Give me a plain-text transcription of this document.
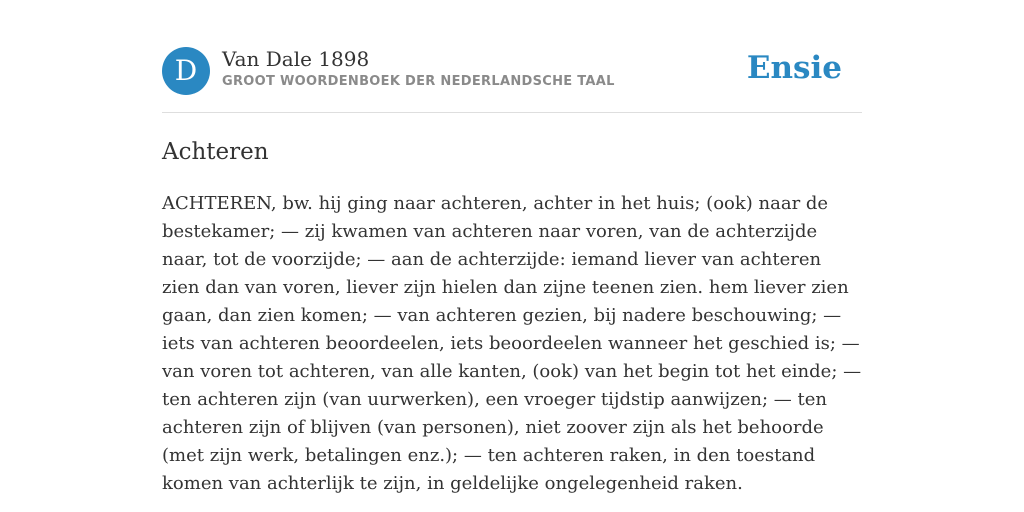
D	Van Dale 1898
GROOT WOORDENBOEK DER NEDERLANDSCHE TAAL	Ensie
Achteren

ACHTEREN, bw. hij ging naar achteren, achter in het huis; (ook) naar de bestekamer; — zij kwamen van achteren naar voren, van de achterzijde naar, tot de voorzijde; — aan de achterzijde: iemand liever van achteren zien dan van voren, liever zijn hielen dan zijne teenen zien. hem liever zien gaan, dan zien komen; — van achteren gezien, bij nadere beschouwing; —iets van achteren beoordeelen, iets beoordeelen wanneer het geschied is; — van voren tot achteren, van alle kanten, (ook) van het begin tot het einde; — ten achteren zijn (van uurwerken), een vroeger tijdstip aanwijzen; — ten achteren zijn of blijven (van personen), niet zoover zijn als het behoorde (met zijn werk, betalingen enz.); — ten achteren raken, in den toestand komen van achterlijk te zijn, in geldelijke ongelegenheid raken.
